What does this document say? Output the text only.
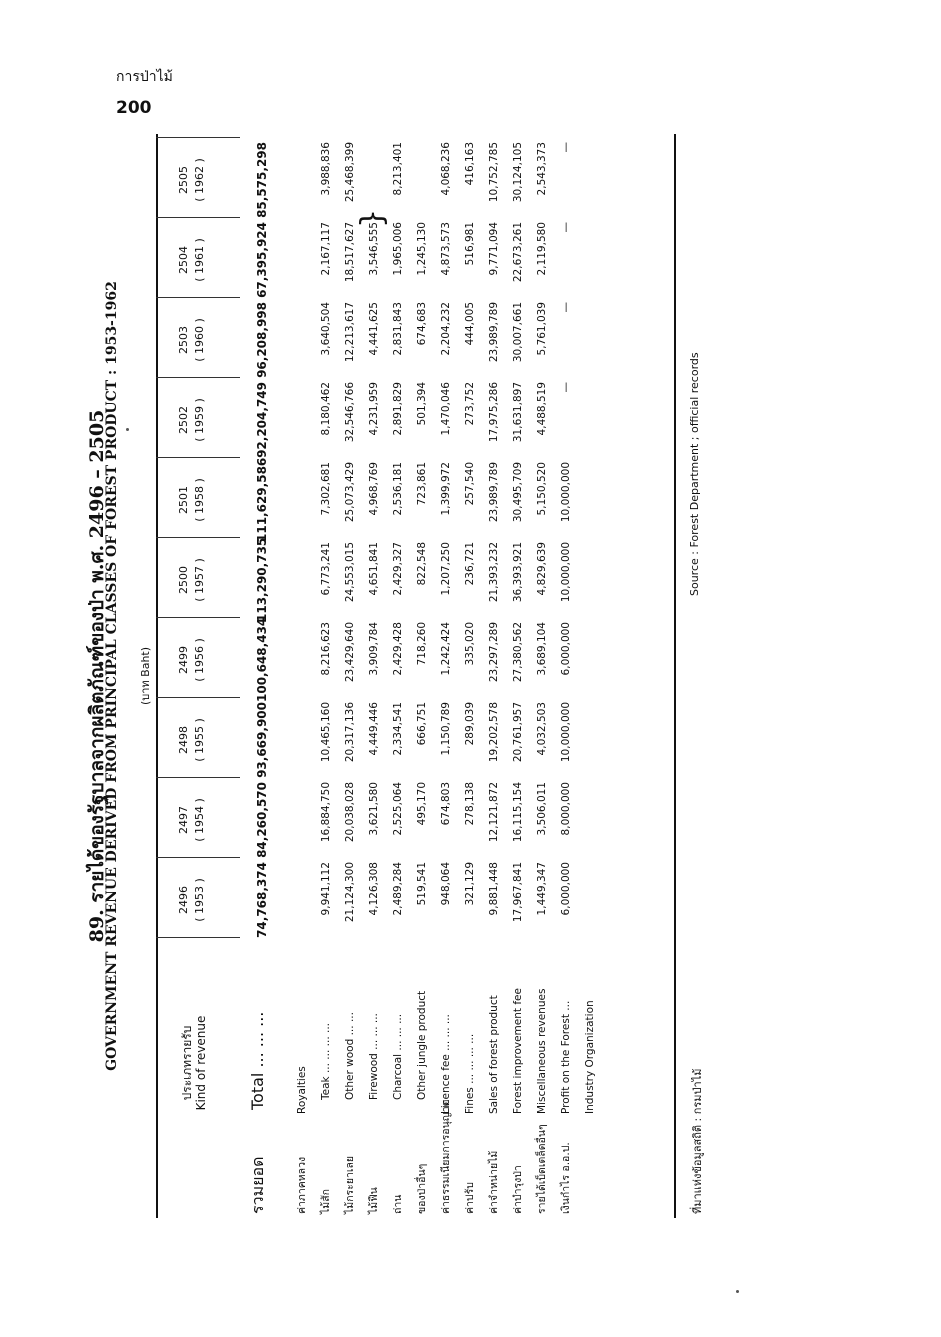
การป่าไม้
200
89. รายได้ของรัฐบาลจากผลิตภัณฑ์ของป่า พ.ศ. 2496 – 2505
GOVERNMENT REVENUE DERIVED FROM PRINCIPAL CLASSES OF FOREST PRODUCT : 1953-1962 (บาท Baht)
ประเภทรายรับ Kind of revenue
2496 ( 1953 )
2497 ( 1954 )
2498 ( 1955 )
2499 ( 1956 )
2500 ( 1957 )
2501 ( 1958 )
2502 ( 1959 )
2503 ( 1960 )
2504 ( 1961 )
2505 ( 1962 )
รวมยอด
Total ... ... ...
74,768,374
84,260,570
93,669,900
100,648,434
113,290,735
111,629,586
92,204,749
96,208,998
67,395,924
85,575,298
ค่าภาคหลวง
Royalties
ไม้สัก
Teak ... ... ... ...
9,941,112
16,884,750
10,465,160
8,216,623
6,773,241
7,302,681
8,180,462
3,640,504
2,167,117
3,988,836
ไม้กระยาเลย
Other wood ... ...
21,124,300
20,038,028
20,317,136
23,429,640
24,553,015
25,073,429
32,546,766
12,213,617
18,517,627
25,468,399
ไม้ฟืน
Firewood ... ... ...
4,126,308
3,621,580
4,449,446
3,909,784
4,651,841
4,968,769
4,231,959
4,441,625
3,546,555
ถ่าน
Charcoal ... ... ...
2,489,284
2,525,064
2,334,541
2,429,428
2,429,327
2,536,181
2,891,829
2,831,843
1,965,006
8,213,401
ของป่าอื่นๆ
Other jungle product
519,541
495,170
666,751
718,260
822,548
723,861
501,394
674,683
1,245,130
ค่าธรรมเนียมการอนุญาต
Licence fee ... ... ...
948,064
674,803
1,150,789
1,242,424
1,207,250
1,399,972
1,470,046
2,204,232
4,873,573
4,068,236
ค่าปรับ
Fines ... ... ... ...
321,129
278,138
289,039
335,020
236,721
257,540
273,752
444,005
516,981
416,163
ค่าจำหน่ายไม้
Sales of forest product
9,881,448
12,121,872
19,202,578
23,297,289
21,393,232
23,989,789
17,975,286
23,989,789
9,771,094
10,752,785
ค่าบำรุงป่า
Forest improvement fee
17,967,841
16,115,154
20,761,957
27,380,562
36,393,921
30,495,709
31,631,897
30,007,661
22,673,261
30,124,105
รายได้เบ็ดเตล็ดอื่นๆ
Miscellaneous revenues
1,449,347
3,506,011
4,032,503
3,689,104
4,829,639
5,150,520
4,488,519
5,761,039
2,119,580
2,543,373
เงินกำไร อ.อ.ป.
Profit on the Forest ...
6,000,000
8,000,000
10,000,000
6,000,000
10,000,000
10,000,000
—
—
—
—
Industry Organization
}
ที่มาแห่งข้อมูลสถิติ : กรมป่าไม้
Source : Forest Department ; official records
